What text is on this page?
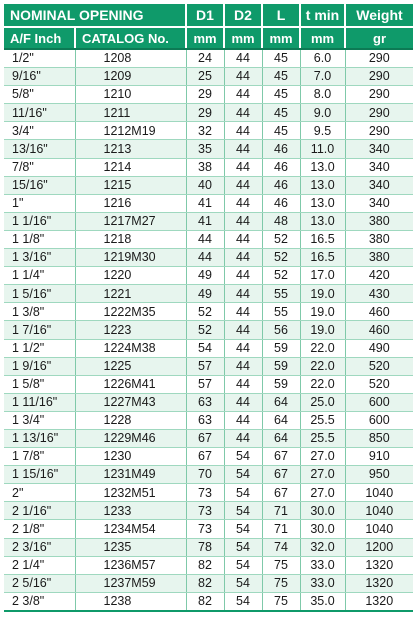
NOMINAL OPENING		D1	D2	L	t min	Weight
A/F Inch	CATALOG No.	mm	mm	mm	mm	gr
1/2"	1208	24	44	45	6.0	290
9/16"	1209	25	44	45	7.0	290
5/8"	1210	29	44	45	8.0	290
11/16"	1211	29	44	45	9.0	290
3/4"	1212M19	32	44	45	9.5	290
13/16"	1213	35	44	46	11.0	340
7/8"	1214	38	44	46	13.0	340
15/16"	1215	40	44	46	13.0	340
1"	1216	41	44	46	13.0	340
1 1/16"	1217M27	41	44	48	13.0	380
1 1/8"	1218	44	44	52	16.5	380
1 3/16"	1219M30	44	44	52	16.5	380
1 1/4"	1220	49	44	52	17.0	420
1 5/16"	1221	49	44	55	19.0	430
1 3/8"	1222M35	52	44	55	19.0	460
1 7/16"	1223	52	44	56	19.0	460
1 1/2"	1224M38	54	44	59	22.0	490
1 9/16"	1225	57	44	59	22.0	520
1 5/8"	1226M41	57	44	59	22.0	520
1 11/16"	1227M43	63	44	64	25.0	600
1 3/4"	1228	63	44	64	25.5	600
1 13/16"	1229M46	67	44	64	25.5	850
1 7/8"	1230	67	54	67	27.0	910
1 15/16"	1231M49	70	54	67	27.0	950
2"	1232M51	73	54	67	27.0	1040
2 1/16"	1233	73	54	71	30.0	1040
2 1/8"	1234M54	73	54	71	30.0	1040
2 3/16"	1235	78	54	74	32.0	1200
2 1/4"	1236M57	82	54	75	33.0	1320
2 5/16"	1237M59	82	54	75	33.0	1320
2 3/8"	1238	82	54	75	35.0	1320
